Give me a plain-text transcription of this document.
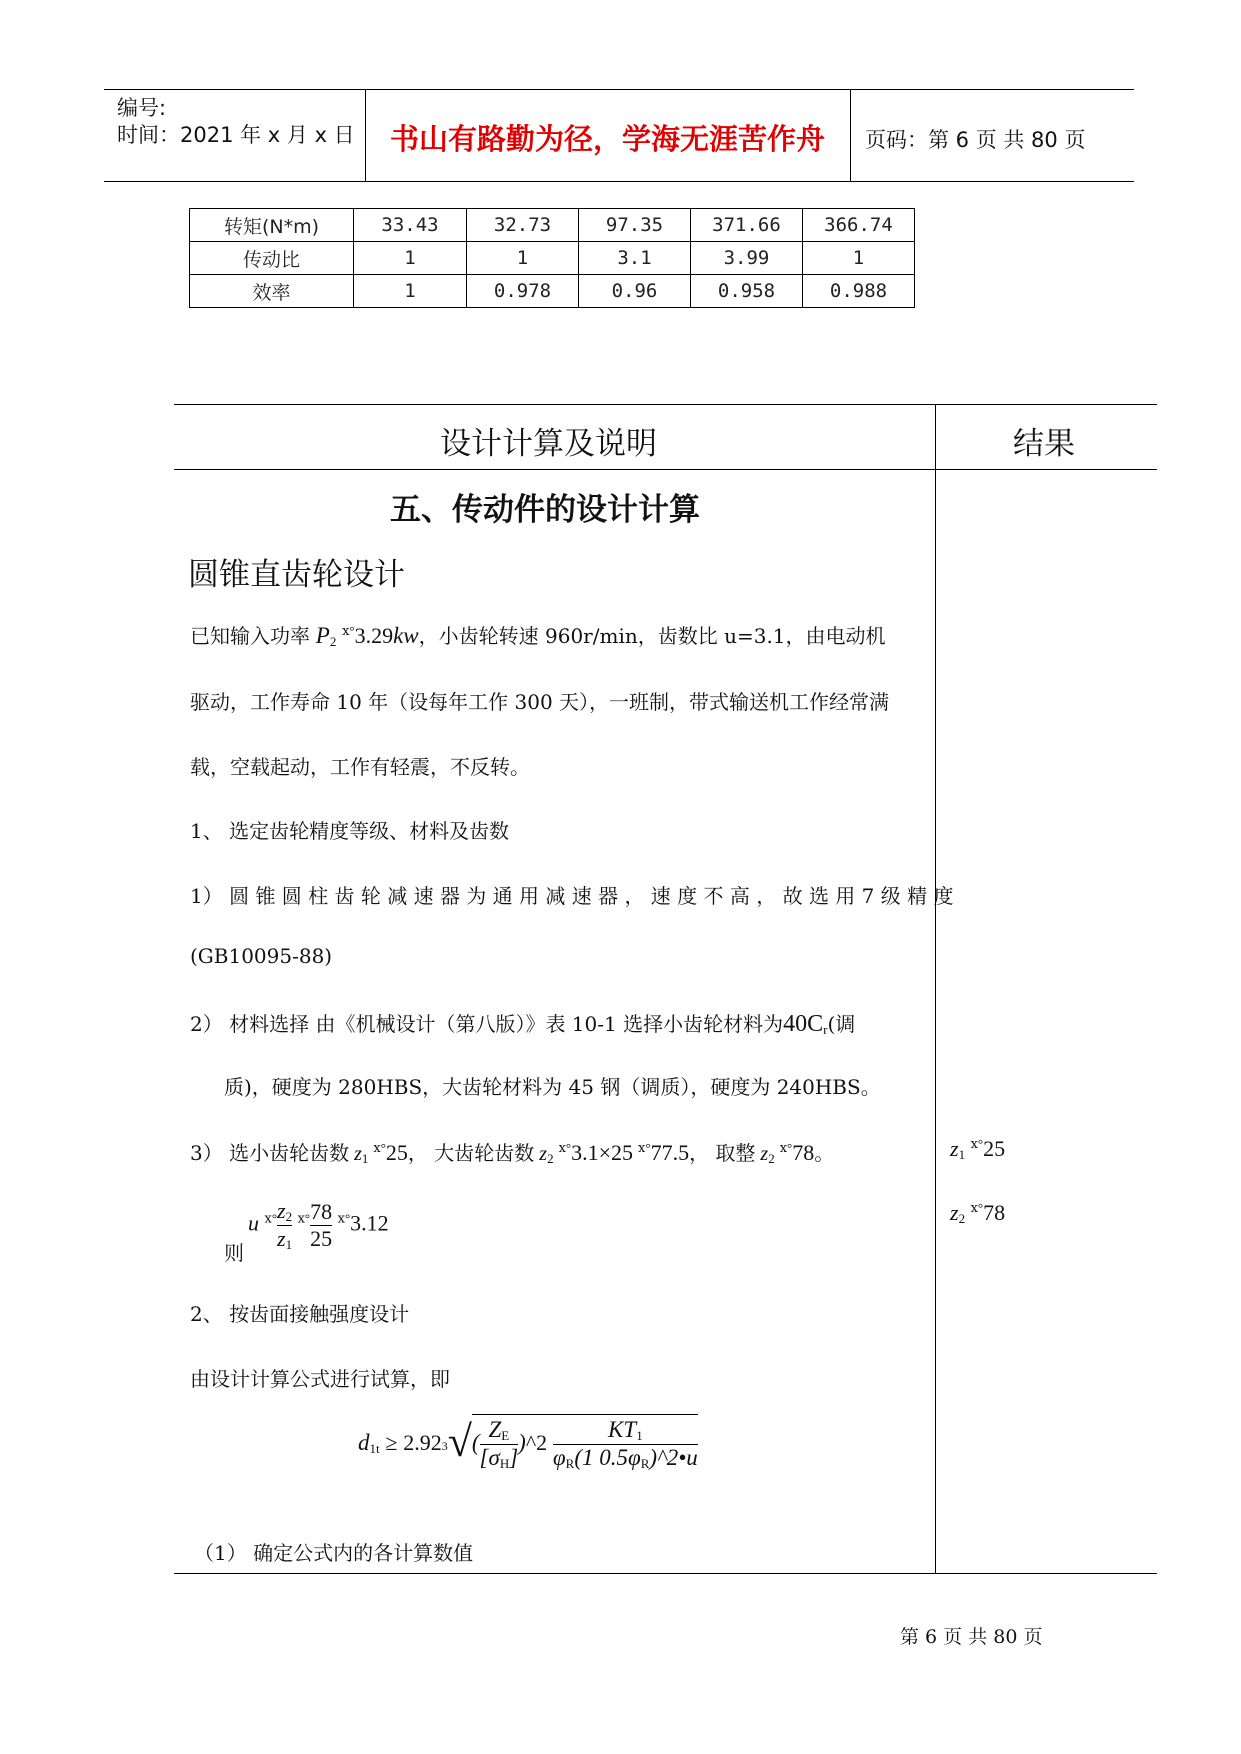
编号:
时间：2021 年 x 月 x 日 书山有路勤为径，学海无涯苦作舟 页码：第 6 页 共 80 页
转矩(N*m)	33.43	32.73	97.35	371.66	366.74
传动比	1	1	3.1	3.99	1
效率	1	0.978	0.96	0.958	0.988
设计计算及说明	结果
五、传动件的设计计算
圆锥直齿轮设计
已知输入功率 $P_2$ $^{ⅹ^\circ}$3.29kw，小齿轮转速 960r/min，齿数比 u=3.1，由电动机
驱动，工作寿命 10 年（设每年工作 300 天），一班制，带式输送机工作经常满
载，空载起动，工作有轻震，不反转。
1、 选定齿轮精度等级、材料及齿数
1） 圆 锥 圆 柱 齿 轮 减 速 器 为 通 用 减 速 器 ， 速 度 不 高 ， 故 选 用 7 级 精 度
(GB10095-88)
2） 材料选择 由《机械设计（第八版）》表 10-1 选择小齿轮材料为$40C_r$(调
质)，硬度为 280HBS，大齿轮材料为 45 钢（调质），硬度为 240HBS。
3） 选小齿轮齿数 $z_1$ $^{ⅹ^\circ}$25， 大齿轮齿数 $z_2$ $^{ⅹ^\circ}$3.1×25 $^{ⅹ^\circ}$77.5， 取整 $z_2$ $^{ⅹ^\circ}$78。
则
u $^{ⅹ^\circ} \frac{z_2}{z_1} ^{ⅹ^\circ} \frac{78}{25} ^{ⅹ^\circ}3.12$
2、 按齿面接触强度设计
由设计计算公式进行试算，即
$d_{1t} \ge 2.923√( \frac{Z_E}{[\sigma_H]}$ )^2 $\frac{KT_1}{\varphi_R(1 0.5\varphi_R)\^{}2•u}$
（1） 确定公式内的各计算数值
$z_1$ $^{ⅹ^\circ}$25
$z_2$ $^{ⅹ^\circ}$78
第 6 页 共 80 页
